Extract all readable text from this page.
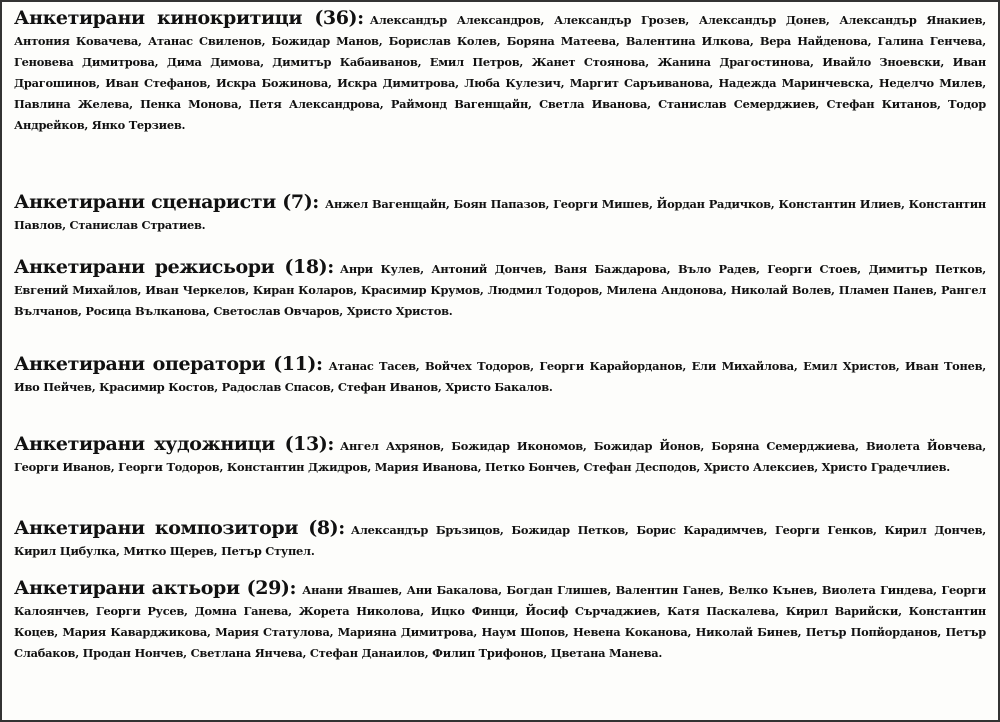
Анкетирани кинокритици (36): Александър Александров, Александър Грозев, Александър Донев, Александър Янакиев, Антония Ковачева, Атанас Свиленов, Божидар Манов, Борислав Колев, Боряна Матеева, Валентина Илкова, Вера Найденова, Галина Генчева, Геновева Димитрова, Дима Димова, Димитър Кабаиванов, Емил Петров, Жанет Стоянова, Жанина Драгостинова, Ивайло Зноевски, Иван Драгошинов, Иван Стефанов, Искра Божинова, Искра Димитрова, Люба Кулезич, Маргит Саръиванова, Надежда Маринчевска, Неделчо Милев, Павлина Желева, Пенка Монова, Петя Александрова, Раймонд Вагенщайн, Светла Иванова, Станислав Семерджиев, Стефан Китанов, Тодор Андрейков, Янко Терзиев.
Анкетирани сценаристи (7): Анжел Вагенщайн, Боян Папазов, Георги Мишев, Йордан Радичков, Константин Илиев, Константин Павлов, Станислав Стратиев.
Анкетирани режисьори (18): Анри Кулев, Антоний Дончев, Ваня Баждарова, Въло Радев, Георги Стоев, Димитър Петков, Евгений Михайлов, Иван Черкелов, Киран Коларов, Красимир Крумов, Людмил Тодоров, Милена Андонова, Николай Волев, Пламен Панев, Рангел Вълчанов, Росица Вълканова, Светослав Овчаров, Христо Христов.
Анкетирани оператори (11): Атанас Тасев, Войчех Тодоров, Георги Карайорданов, Ели Михайлова, Емил Христов, Иван Тонев, Иво Пейчев, Красимир Костов, Радослав Спасов, Стефан Иванов, Христо Бакалов.
Анкетирани художници (13): Ангел Ахрянов, Божидар Икономов, Божидар Йонов, Боряна Семерджиева, Виолета Йовчева, Георги Иванов, Георги Тодоров, Константин Джидров, Мария Иванова, Петко Бончев, Стефан Десподов, Христо Алексиев, Христо Градечлиев.
Анкетирани композитори (8): Александър Бръзицов, Божидар Петков, Борис Карадимчев, Георги Генков, Кирил Дончев, Кирил Цибулка, Митко Щерев, Петър Ступел.
Анкетирани актьори (29): Анани Явашев, Ани Бакалова, Богдан Глишев, Валентин Ганев, Велко Кънев, Виолета Гиндева, Георги Калоянчев, Георги Русев, Домна Ганева, Жорета Николова, Ицко Финци, Йосиф Сърчаджиев, Катя Паскалева, Кирил Варийски, Константин Коцев, Мария Каварджикова, Мария Статулова, Марияна Димитрова, Наум Шопов, Невена Коканова, Николай Бинев, Петър Попйорданов, Петър Слабаков, Продан Нончев, Светлана Янчева, Стефан Данаилов, Филип Трифонов, Цветана Манева.
